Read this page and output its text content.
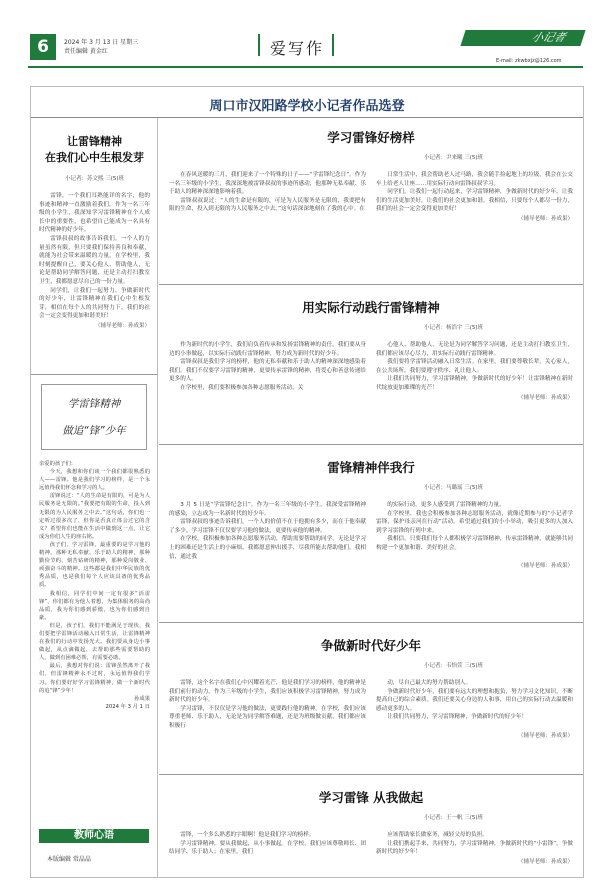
6	2024 年 3 月 13 日 星期三
责任编辑 黄金红	爱写作
小记者
E-mail: zkwbxjz@126.com
周口市汉阳路学校小记者作品选登
让雷锋精神
在我们心中生根发芽
小记者：苏文熙 三(5)班

雷锋，一个我们耳熟能详的名字，他的事迹和精神一直激励着我们。作为一名三年级的小学生，我深知学习雷锋精神在个人成长中的重要性，也希望自己能成为一名具有时代精神的好少年。

雷锋叔叔的故事告诉我们，一个人的力量虽然有限，但只要我们保持善良和奉献，就能为社会带来温暖的力量。在学校里，我时刻提醒自己，要关心他人、帮助他人，无论是帮助同学解答问题，还是主动打扫教室卫生，我都愿意尽自己的一份力量。

同学们，让我们一起努力，争做新时代的好少年，让雷锋精神在我们心中生根发芽，相信在每个人的共同努力下，我们的社会一定会变得更加和谐美好！

（辅导老师：孙成果）
学雷锋精神
做追“锋”少年
亲爱的孩子们：

今天，我想和你们谈一个我们都很熟悉的人——雷锋。他是我们学习的榜样，是一个永远值得我们怀念和学习的人。

雷锋说过：“人的生命是有限的，可是为人民服务是无限的。”我要把有限的生命，投入到无限的为人民服务之中去。”这句话，你们也一定听过很多次了，但你是否真正体会过它的含义？希望你们也能在生活中做到这一点，让它成为你们人生的座右铭。

孩子们，学习雷锋，最重要的是学习他的精神，那种无私奉献、乐于助人的精神，那种勤俭节约、刻苦钻研的精神，那种爱岗敬业、顽强奋斗的精神。这些都是我们中华民族的优秀品质，也是我们每个人应该具备的优秀品质。

我相信，同学们中间一定有很多“活雷锋”，你们都有为他人着想、为集体服务的高尚品质，我为你们感到骄傲，也为你们感到自豪。

但是，孩子们，我们不能满足于现状，我们要把学雷锋活动融入日常生活，让雷锋精神在我们的行动中发扬光大。我们要从身边小事做起，从点滴做起，去帮助那些需要帮助的人，做到有困难必帮，有需要必助。

最后，我想对你们说：雷锋虽然离开了我们，但雷锋精神永不过时，永远值得我们学习。你们要好好学习雷锋精神，做一个新时代的追“锋”少年！

孙成果
2024 年 3 月 1 日
教师心语
本版编辑 常晶晶
学习雷锋好榜样
小记者：尹来曦 三(5)班

在春风送暖的三月，我们迎来了一个特殊的日子——“学雷锋纪念日”。作为一名三年级的小学生，我深深地被雷锋叔叔的事迹所感动，他那种无私奉献、乐于助人的精神深深地影响着我。

雷锋叔叔说过：“人的生命是有限的，可是为人民服务是无限的，我要把有限的生命，投入到无限的为人民服务之中去。”这句话深深地刻在了我的心中。在

日常生活中，我会帮助老人过马路，我会随手捡起地上的垃圾，我会在公交车上给老人让座……用实际行动向雷锋叔叔学习。

同学们，让我们一起行动起来，学习雷锋精神，争做新时代的好少年，让我们的生活更加美好，让我们的社会更加和谐。我相信，只要每个人都尽一份力，我们的社会一定会变得更加美好！

（辅导老师：孙成果）
用实际行动践行雷锋精神
小记者：杨浩宇 三(5)班

作为新时代的小学生，我们肩负着传承和发扬雷锋精神的责任。我们要从身边的小事做起，以实际行动践行雷锋精神，努力成为新时代的好少年。

雷锋叔叔是我们学习的榜样，他的无私奉献和乐于助人的精神深深地感染着我们。我们不仅要学习雷锋的精神，更要传承雷锋的精神，将爱心和善意传递给更多的人。

在学校里，我们要积极参加各种志愿服务活动，关

心他人、帮助他人，无论是为同学解答学习问题，还是主动打扫教室卫生，我们都应该尽心尽力，用实际行动践行雷锋精神。

我们要将学雷锋活动融入日常生活。在家里，我们要尊敬长辈，关心家人，在公共场所，我们要遵守秩序、礼让他人。

让我们共同努力，学习雷锋精神，争做新时代的好少年！让雷锋精神在新时代绽放更加璀璨的光芒！

（辅导老师：孙成果）
雷锋精神伴我行
小记者：马璐瑶 三(5)班

3 月 5 日是“学雷锋纪念日”。作为一名三年级的小学生，我深受雷锋精神的感染，立志成为一名新时代的好少年。

雷锋叔叔的事迹告诉我们，一个人的价值不在于他拥有多少，而在于他奉献了多少。学习雷锋不仅仅要学习他的做法，更要传承他的精神。

在学校，我积极参加各种志愿服务活动，帮助需要帮助的同学。无论是学习上的困难还是生活上的小麻烦，我都愿意伸出援手，尽我所能去帮助他们。我相信，通过我

的实际行动，更多人感受到了雷锋精神的力量。

在学校里，我也会积极参加各种志愿服务活动，就像近期参与的“小记者学雷锋，保护母亲河在行动”活动。希望通过我们的小小举动，吸引更多的人加入到学习雷锋的行列中来。

我相信，只要我们每个人都积极学习雷锋精神，传承雷锋精神，就能够共同构建一个更加和谐、美好的社会。

（辅导老师：孙成果）
争做新时代好少年
小记者：韦怡萱 三(5)班

雷锋，这个名字在我们心中闪耀着光芒，他是我们学习的榜样，他的精神是我们前行的动力。作为三年级的小学生，我们应该积极学习雷锋精神，努力成为新时代的好少年。

学习雷锋，不仅仅是学习他的做法，更要践行他的精神。在学校，我们应该尊重老师、乐于助人，无论是为同学解答难题，还是为班级做贡献，我们都应该积极行

动，尽自己最大的努力帮助别人。

争做新时代好少年，我们要有远大的理想和抱负，努力学习文化知识，不断提高自己的综合素质。我们还要关心身边的人和事，用自己的实际行动去温暖和感动更多的人。

让我们共同努力，学习雷锋精神，争做新时代的好少年！

（辅导老师：孙成果）
学习雷锋 从我做起
小记者：王一帆 三(5)班

雷锋，一个多么熟悉的字眼啊！他是我们学习的榜样。

学习雷锋精神，要从我做起，从小事做起。在学校，我们应该尊敬师长、团结同学、乐于助人；在家里，我们

应该帮助家长做家务，减轻父母的负担。

让我们携起手来，共同努力，学习雷锋精神，争做新时代的“小雷锋”，争做新时代的好少年！

（辅导老师：孙成果）
